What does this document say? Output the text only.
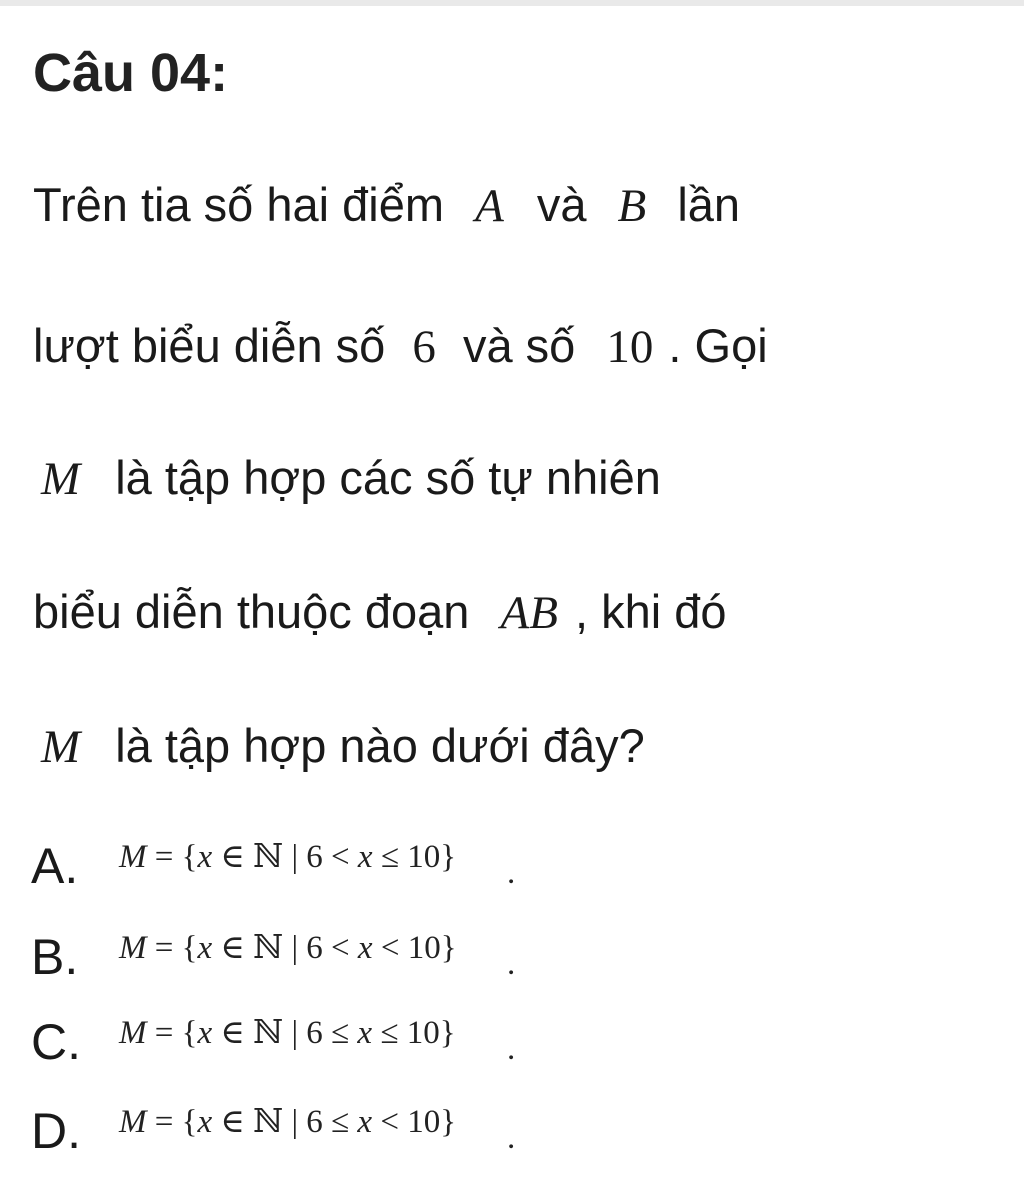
Câu 04:
Trên tia số hai điểm A và B lần
lượt biểu diễn số 6 và số 10 . Gọi
M là tập hợp các số tự nhiên
biểu diễn thuộc đoạn AB , khi đó
M là tập hợp nào dưới đây?
A. M = {x ∈ ℕ | 6 < x ≤ 10} .
B. M = {x ∈ ℕ | 6 < x < 10} .
C. M = {x ∈ ℕ | 6 ≤ x ≤ 10} .
D. M = {x ∈ ℕ | 6 ≤ x < 10} .
